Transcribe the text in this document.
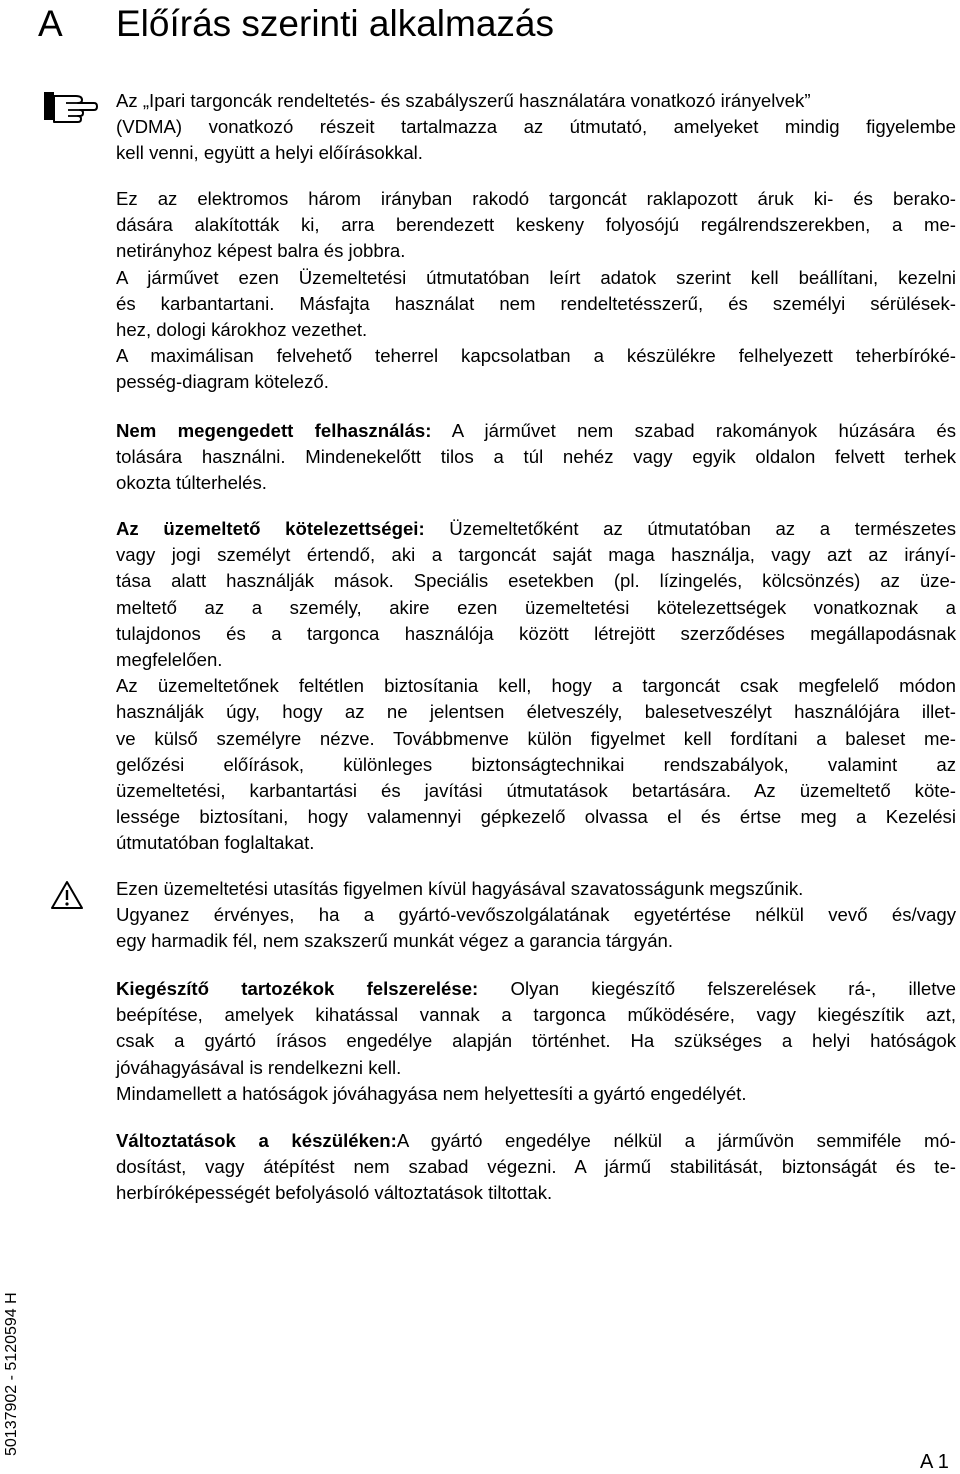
A Előírás szerinti alkalmazás

Az „Ipari targoncák rendeltetés- és szabályszerű használatára vonatkozó irányelvek”

(VDMA) vonatkozó részeit tartalmazza az útmutató, amelyeket mindig figyelembe

kell venni, együtt a helyi előírásokkal.

Ez az elektromos három irányban rakodó targoncát raklapozott áruk ki- és berako-

dására alakították ki, arra berendezett keskeny folyosójú regálrendszerekben, a me-

netirányhoz képest balra és jobbra.

A járművet ezen Üzemeltetési útmutatóban leírt adatok szerint kell beállítani, kezelni

és karbantartani. Másfajta használat nem rendeltetésszerű, és személyi sérülések-

hez, dologi károkhoz vezethet.

A maximálisan felvehető teherrel kapcsolatban a készülékre felhelyezett teherbíróké-

pesség-diagram kötelező.

Nem megengedett felhasználás: A járművet nem szabad rakományok húzására és

tolására használni. Mindenekelőtt tilos a túl nehéz vagy egyik oldalon felvett terhek

okozta túlterhelés.

Az üzemeltető kötelezettségei: Üzemeltetőként az útmutatóban az a természetes

vagy jogi személyt értendő, aki a targoncát saját maga használja, vagy azt az irányí-

tása alatt használják mások. Speciális esetekben (pl. lízingelés, kölcsönzés) az üze-

meltető az a személy, akire ezen üzemeltetési kötelezettségek vonatkoznak a

tulajdonos és a targonca használója között létrejött szerződéses megállapodásnak

megfelelően.

Az üzemeltetőnek feltétlen biztosítania kell, hogy a targoncát csak megfelelő módon

használják úgy, hogy az ne jelentsen életveszély, balesetveszélyt használójára illet-

ve külső személyre nézve. Továbbmenve külön figyelmet kell fordítani a baleset me-

gelőzési előírások, különleges biztonságtechnikai rendszabályok, valamint az

üzemeltetési, karbantartási és javítási útmutatások betartására. Az üzemeltető köte-

lessége biztosítani, hogy valamennyi gépkezelő olvassa el és értse meg a Kezelési

útmutatóban foglaltakat.

Ezen üzemeltetési utasítás figyelmen kívül hagyásával szavatosságunk megszűnik.

Ugyanez érvényes, ha a gyártó-vevőszolgálatának egyetértése nélkül vevő és/vagy

egy harmadik fél, nem szakszerű munkát végez a garancia tárgyán.

Kiegészítő tartozékok felszerelése: Olyan kiegészítő felszerelések rá-, illetve

beépítése, amelyek kihatással vannak a targonca működésére, vagy kiegészítik azt,

csak a gyártó írásos engedélye alapján történhet. Ha szükséges a helyi hatóságok

jóváhagyásával is rendelkezni kell.

Mindamellett a hatóságok jóváhagyása nem helyettesíti a gyártó engedélyét.

Változtatások a készüléken:A gyártó engedélye nélkül a járművön semmiféle mó-

dosítást, vagy átépítést nem szabad végezni. A jármű stabilitását, biztonságát és te-

herbíróképességét befolyásoló változtatások tiltottak.

50137902 - 5120594 H
A 1
